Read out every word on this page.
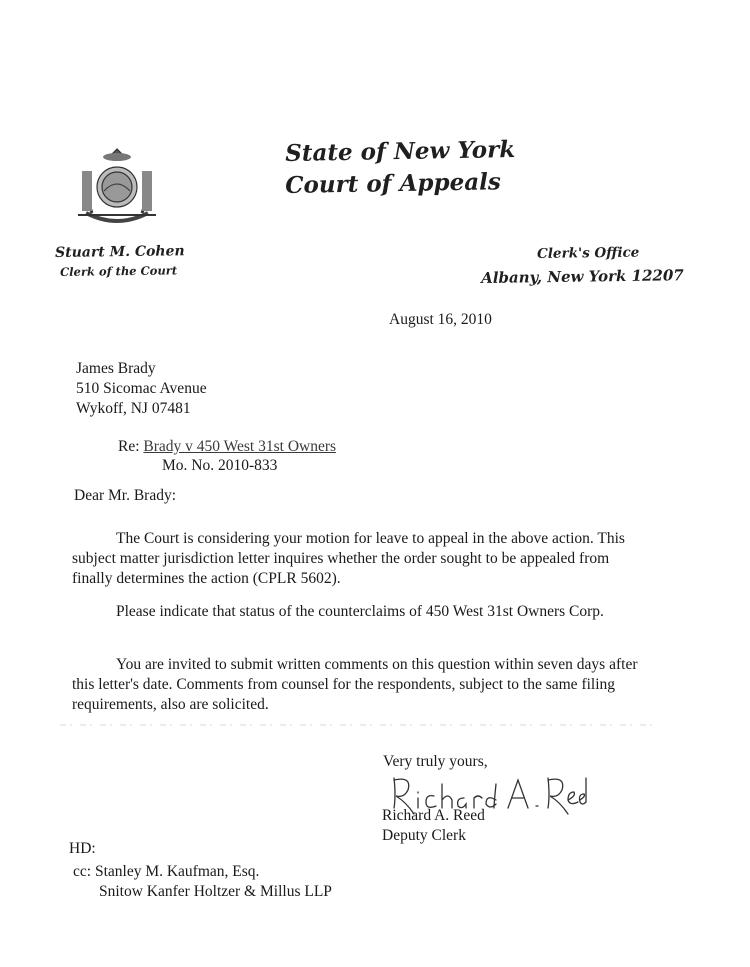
State of New York
Court of Appeals
Stuart M. Cohen
Clerk of the Court
Clerk's Office
Albany, New York 12207
August 16, 2010
James Brady
510 Sicomac Avenue
Wykoff, NJ 07481
Re: Brady v 450 West 31st Owners
Mo. No. 2010-833
Dear Mr. Brady:
The Court is considering your motion for leave to appeal in the above action. This subject matter jurisdiction letter inquires whether the order sought to be appealed from finally determines the action (CPLR 5602).
Please indicate that status of the counterclaims of 450 West 31st Owners Corp.
You are invited to submit written comments on this question within seven days after this letter's date. Comments from counsel for the respondents, subject to the same filing requirements, also are solicited.
Very truly yours,
Richard A. Reed
Deputy Clerk
HD:
cc: Stanley M. Kaufman, Esq.
Snitow Kanfer Holtzer & Millus LLP
